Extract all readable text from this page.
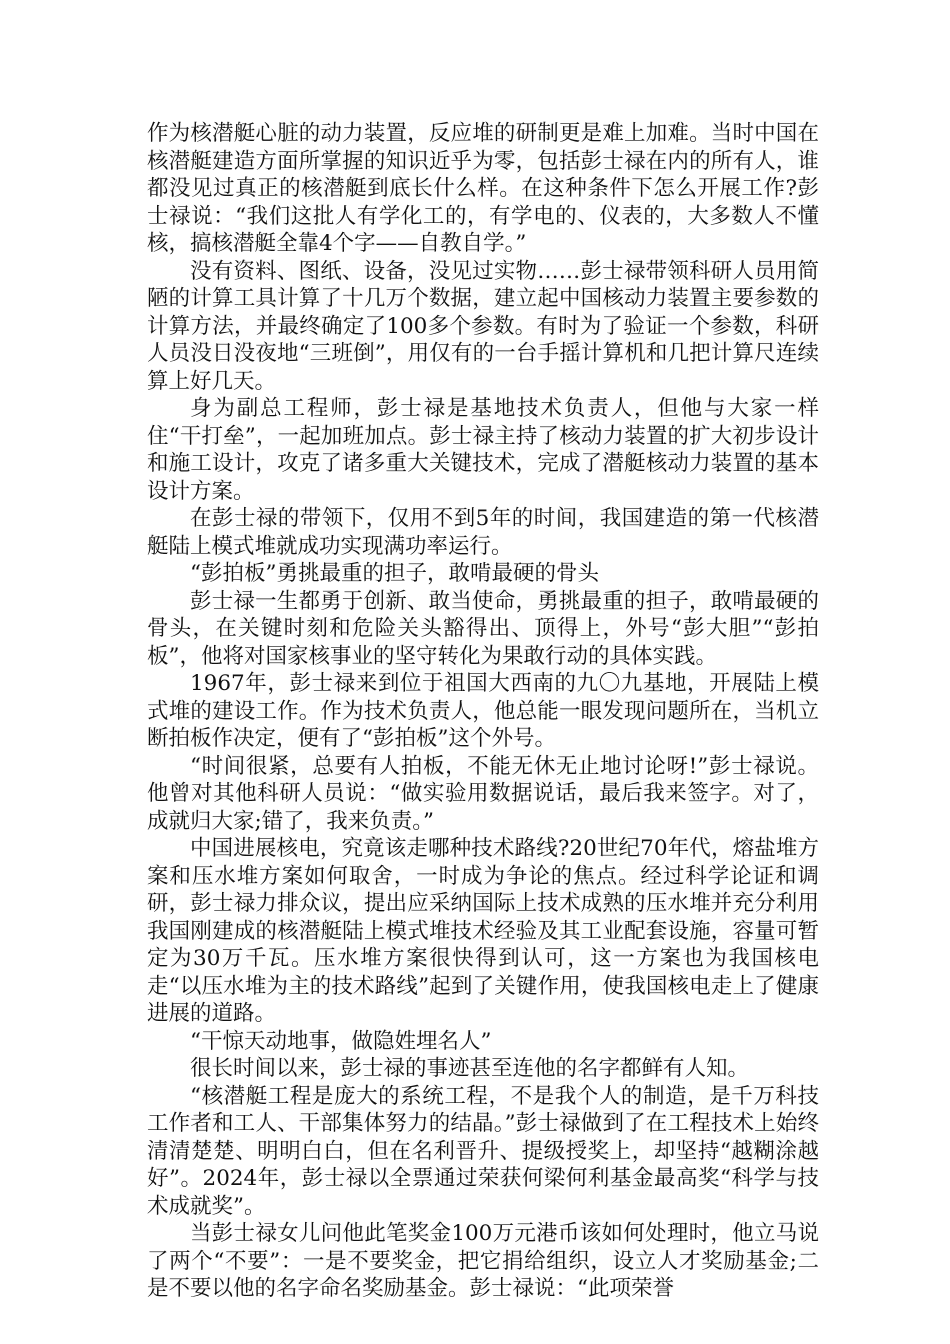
作为核潜艇心脏的动力装置，反应堆的研制更是难上加难。当时中国在核潜艇建造方面所掌握的知识近乎为零，包括彭士禄在内的所有人，谁都没见过真正的核潜艇到底长什么样。在这种条件下怎么开展工作?彭士禄说：“我们这批人有学化工的，有学电的、仪表的，大多数人不懂核，搞核潜艇全靠4个字——自教自学。”

没有资料、图纸、设备，没见过实物……彭士禄带领科研人员用简陋的计算工具计算了十几万个数据，建立起中国核动力装置主要参数的计算方法，并最终确定了100多个参数。有时为了验证一个参数，科研人员没日没夜地“三班倒”，用仅有的一台手摇计算机和几把计算尺连续算上好几天。

身为副总工程师，彭士禄是基地技术负责人，但他与大家一样住“干打垒”，一起加班加点。彭士禄主持了核动力装置的扩大初步设计和施工设计，攻克了诸多重大关键技术，完成了潜艇核动力装置的基本设计方案。

在彭士禄的带领下，仅用不到5年的时间，我国建造的第一代核潜艇陆上模式堆就成功实现满功率运行。

“彭拍板”勇挑最重的担子，敢啃最硬的骨头

彭士禄一生都勇于创新、敢当使命，勇挑最重的担子，敢啃最硬的骨头，在关键时刻和危险关头豁得出、顶得上，外号“彭大胆”“彭拍板”，他将对国家核事业的坚守转化为果敢行动的具体实践。

1967年，彭士禄来到位于祖国大西南的九〇九基地，开展陆上模式堆的建设工作。作为技术负责人，他总能一眼发现问题所在，当机立断拍板作决定，便有了“彭拍板”这个外号。

“时间很紧，总要有人拍板，不能无休无止地讨论呀!”彭士禄说。他曾对其他科研人员说：“做实验用数据说话，最后我来签字。对了，成就归大家;错了，我来负责。”

中国进展核电，究竟该走哪种技术路线?20世纪70年代，熔盐堆方案和压水堆方案如何取舍，一时成为争论的焦点。经过科学论证和调研，彭士禄力排众议，提出应采纳国际上技术成熟的压水堆并充分利用我国刚建成的核潜艇陆上模式堆技术经验及其工业配套设施，容量可暂定为30万千瓦。压水堆方案很快得到认可，这一方案也为我国核电走“以压水堆为主的技术路线”起到了关键作用，使我国核电走上了健康进展的道路。

“干惊天动地事，做隐姓埋名人”

很长时间以来，彭士禄的事迹甚至连他的名字都鲜有人知。

“核潜艇工程是庞大的系统工程，不是我个人的制造，是千万科技工作者和工人、干部集体努力的结晶。”彭士禄做到了在工程技术上始终清清楚楚、明明白白，但在名利晋升、提级授奖上，却坚持“越糊涂越好”。2024年，彭士禄以全票通过荣获何梁何利基金最高奖“科学与技术成就奖”。

当彭士禄女儿问他此笔奖金100万元港币该如何处理时，他立马说了两个“不要”：一是不要奖金，把它捐给组织，设立人才奖励基金;二是不要以他的名字命名奖励基金。彭士禄说：“此项荣誉
